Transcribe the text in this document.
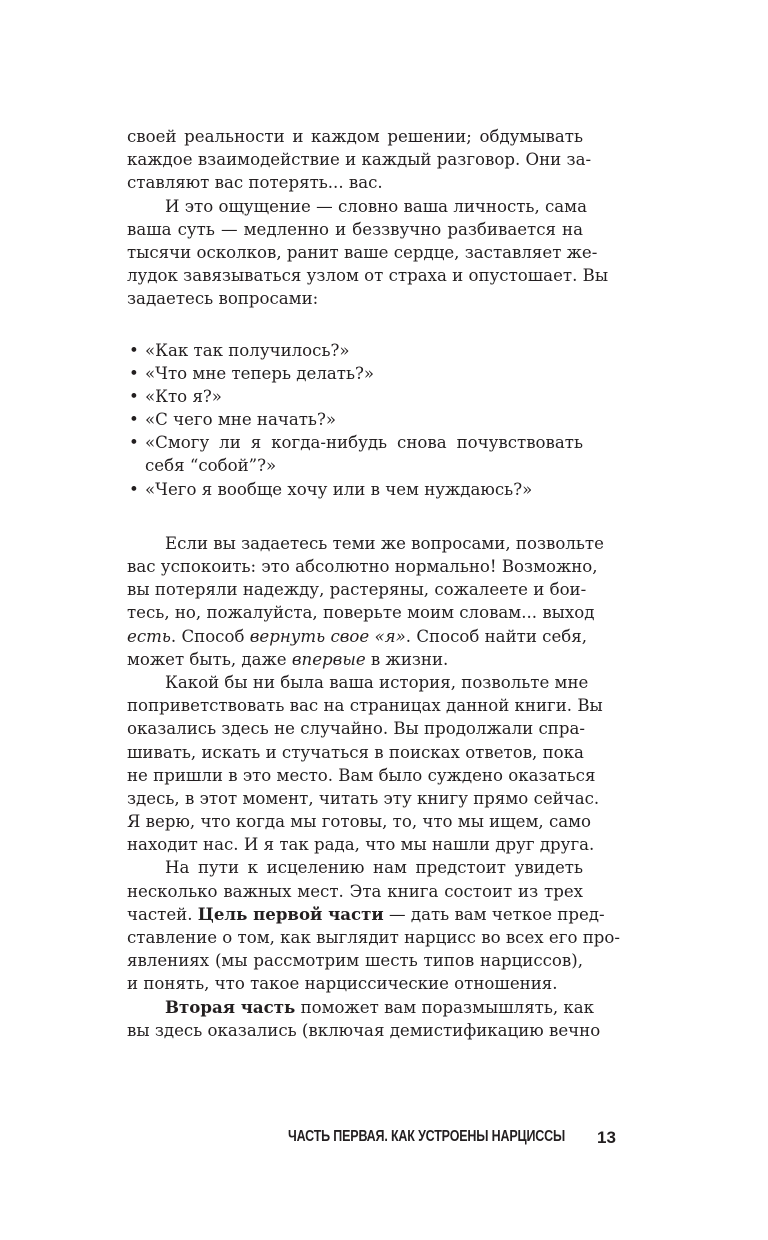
своей реальности и каждом решении; обдумывать
каждое взаимодействие и каждый разговор. Они за-
ставляют вас потерять... вас.
И это ощущение — словно ваша личность, сама
ваша суть — медленно и беззвучно разбивается на
тысячи осколков, ранит ваше сердце, заставляет же-
лудок завязываться узлом от страха и опустошает. Вы
задаетесь вопросами:
• «Как так получилось?»
• «Что мне теперь делать?»
• «Кто я?»
• «С чего мне начать?»
• «Смогу ли я когда-нибудь снова почувствовать
себя “собой”?»
• «Чего я вообще хочу или в чем нуждаюсь?»
Если вы задаетесь теми же вопросами, позвольте
вас успокоить: это абсолютно нормально! Возможно,
вы потеряли надежду, растеряны, сожалеете и бои-
тесь, но, пожалуйста, поверьте моим словам... выход
есть. Способ вернуть свое «я». Способ найти себя,
может быть, даже впервые в жизни.
Какой бы ни была ваша история, позвольте мне
поприветствовать вас на страницах данной книги. Вы
оказались здесь не случайно. Вы продолжали спра-
шивать, искать и стучаться в поисках ответов, пока
не пришли в это место. Вам было суждено оказаться
здесь, в этот момент, читать эту книгу прямо сейчас.
Я верю, что когда мы готовы, то, что мы ищем, само
находит нас. И я так рада, что мы нашли друг друга.
На пути к исцелению нам предстоит увидеть
несколько важных мест. Эта книга состоит из трех
частей. Цель первой части — дать вам четкое пред-
ставление о том, как выглядит нарцисс во всех его про-
явлениях (мы рассмотрим шесть типов нарциссов),
и понять, что такое нарциссические отношения.
Вторая часть поможет вам поразмышлять, как
вы здесь оказались (включая демистификацию вечно
ЧАСТЬ ПЕРВАЯ. КАК УСТРОЕНЫ НАРЦИССЫ 13
